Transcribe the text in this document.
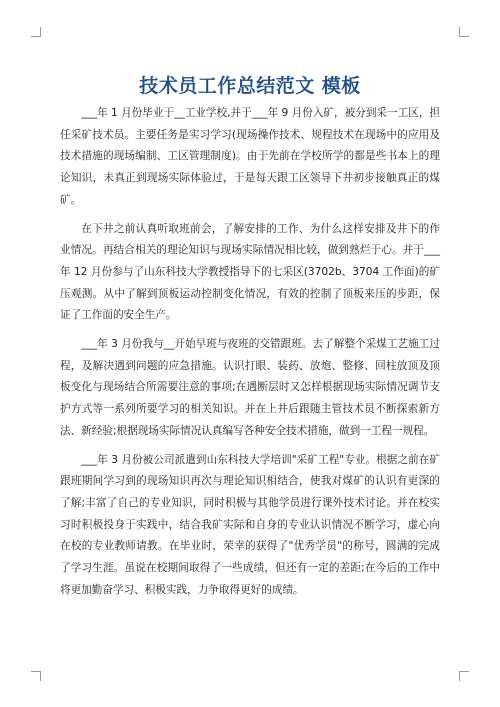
技术员工作总结范文 模板

___年 1 月份毕业于__工业学校,并于___年 9 月份入矿，被分到采一工区，担任采矿技术员。主要任务是实习学习(现场操作技术、规程技术在现场中的应用及技术措施的现场编制、工区管理制度)。由于先前在学校所学的都是些书本上的理论知识，未真正到现场实际体验过，于是每天跟工区领导下井初步接触真正的煤矿。

在下井之前认真听取班前会，了解安排的工作、为什么这样安排及井下的作业情况。再结合相关的理论知识与现场实际情况相比较，做到熟烂于心。并于___年 12 月份参与了山东科技大学教授指导下的七采区(3702b、3704 工作面)的矿压观测。从中了解到顶板运动控制变化情况，有效的控制了顶板来压的步距，保证了工作面的安全生产。

___年 3 月份我与__开始早班与夜班的交错跟班。去了解整个采煤工艺施工过程，及解决遇到问题的应急措施。认识打眼、装药、放炮、整修、回柱放顶及顶板变化与现场结合所需要注意的事项;在遇断层时又怎样根据现场实际情况调节支护方式等一系列所要学习的相关知识。并在上井后跟随主管技术员不断探索新方法、新经验;根据现场实际情况认真编写各种安全技术措施，做到一工程一规程。

___年 3 月份被公司派遣到山东科技大学培训"采矿工程"专业。根据之前在矿跟班期间学习到的现场知识再次与理论知识相结合，使我对煤矿的认识有更深的了解;丰富了自己的专业知识，同时积极与其他学员进行课外技术讨论。并在校实习时积极投身于实践中，结合我矿实际和自身的专业认识情况不断学习，虚心向在校的专业教师请教。在毕业时，荣幸的获得了"优秀学员"的称号，圆满的完成了学习生涯。虽说在校期间取得了一些成绩，但还有一定的差距;在今后的工作中将更加勤奋学习、积极实践，力争取得更好的成绩。
